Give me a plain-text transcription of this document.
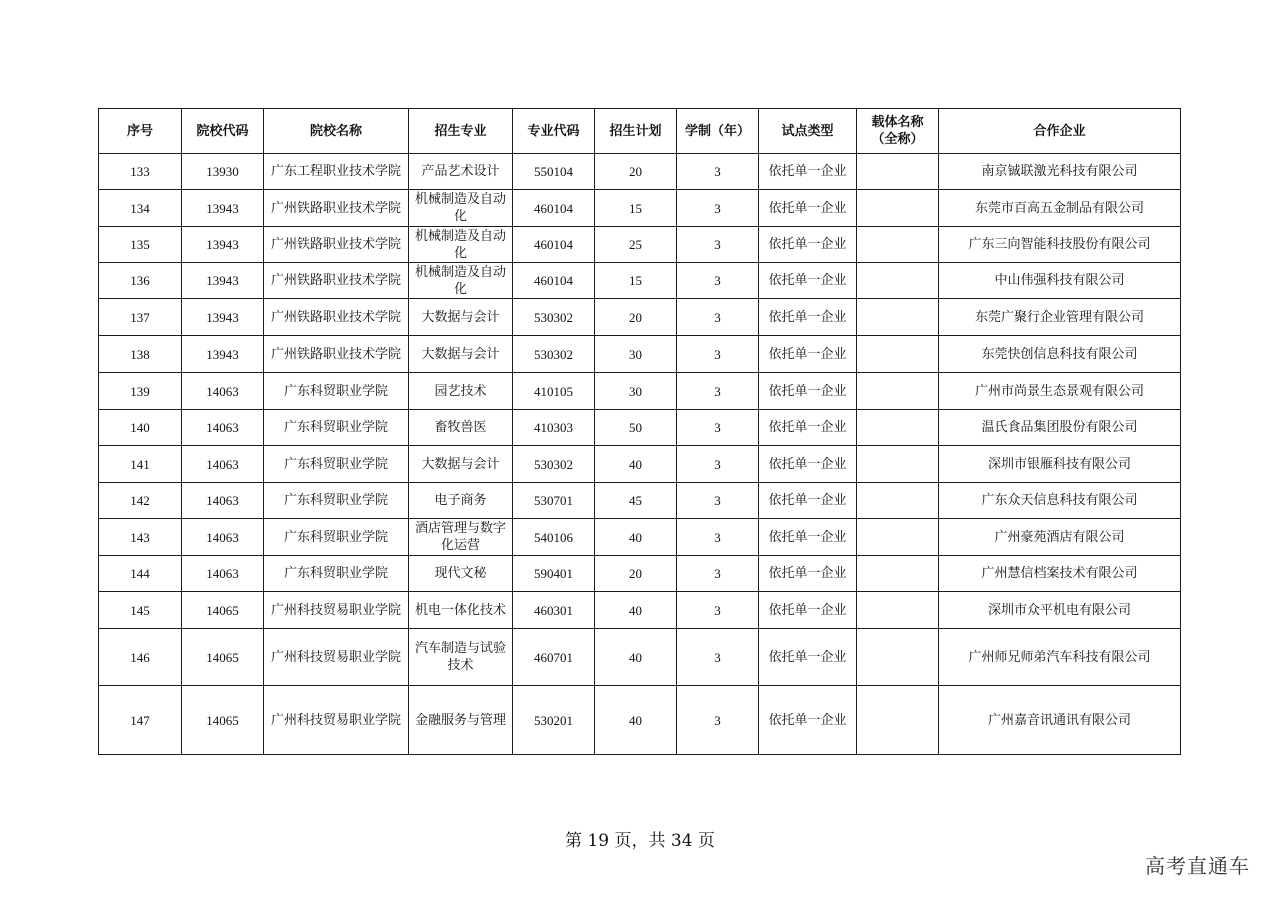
序号	院校代码	院校名称	招生专业	专业代码	招生计划	学制（年）	试点类型	载体名称
（全称）	合作企业
133	13930	广东工程职业技术学院	产品艺术设计	550104	20	3	依托单一企业		南京铖联激光科技有限公司
134	13943	广州铁路职业技术学院	机械制造及自动化	460104	15	3	依托单一企业		东莞市百高五金制品有限公司
135	13943	广州铁路职业技术学院	机械制造及自动化	460104	25	3	依托单一企业		广东三向智能科技股份有限公司
136	13943	广州铁路职业技术学院	机械制造及自动化	460104	15	3	依托单一企业		中山伟强科技有限公司
137	13943	广州铁路职业技术学院	大数据与会计	530302	20	3	依托单一企业		东莞广聚行企业管理有限公司
138	13943	广州铁路职业技术学院	大数据与会计	530302	30	3	依托单一企业		东莞快创信息科技有限公司
139	14063	广东科贸职业学院	园艺技术	410105	30	3	依托单一企业		广州市尚景生态景观有限公司
140	14063	广东科贸职业学院	畜牧兽医	410303	50	3	依托单一企业		温氏食品集团股份有限公司
141	14063	广东科贸职业学院	大数据与会计	530302	40	3	依托单一企业		深圳市银雁科技有限公司
142	14063	广东科贸职业学院	电子商务	530701	45	3	依托单一企业		广东众天信息科技有限公司
143	14063	广东科贸职业学院	酒店管理与数字化运营	540106	40	3	依托单一企业		广州豪苑酒店有限公司
144	14063	广东科贸职业学院	现代文秘	590401	20	3	依托单一企业		广州慧信档案技术有限公司
145	14065	广州科技贸易职业学院	机电一体化技术	460301	40	3	依托单一企业		深圳市众平机电有限公司
146	14065	广州科技贸易职业学院	汽车制造与试验技术	460701	40	3	依托单一企业		广州师兄师弟汽车科技有限公司
147	14065	广州科技贸易职业学院	金融服务与管理	530201	40	3	依托单一企业		广州嘉音讯通讯有限公司
第 19 页，共 34 页
高考直通车
